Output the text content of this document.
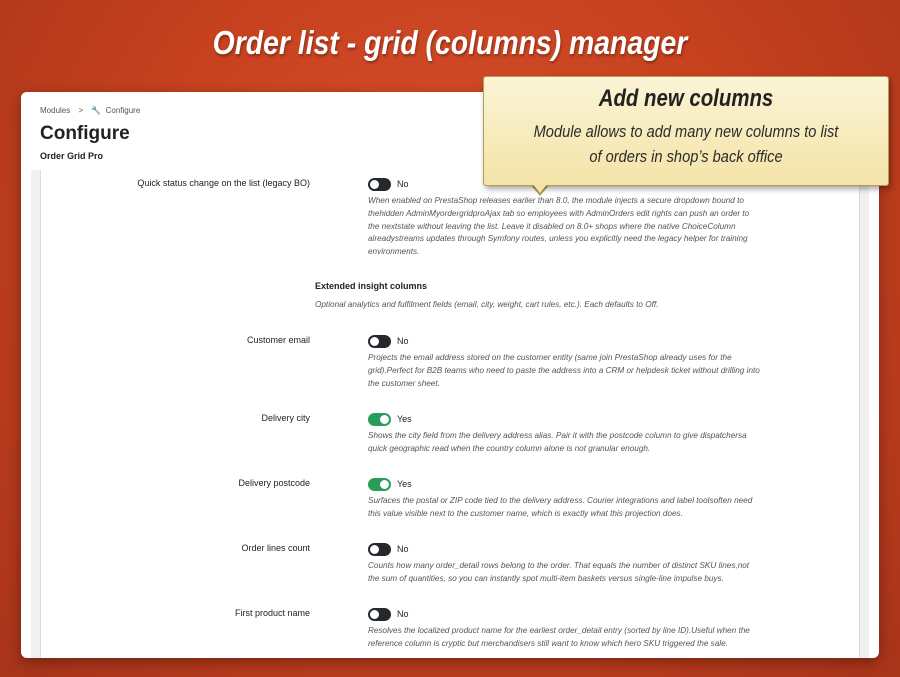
Order list - grid (columns) manager
Modules > 🔧 Configure
Configure
Order Grid Pro
Quick status change on the list (legacy BO)	No
When enabled on PrestaShop releases earlier than 8.0, the module injects a secure dropdown bound to
thehidden AdminMyordergridproAjax tab so employees with AdminOrders edit rights can push an order to
the nextstate without leaving the list. Leave it disabled on 8.0+ shops where the native ChoiceColumn
alreadystreams updates through Symfony routes, unless you explicitly need the legacy helper for training
environments.
Extended insight columns
Optional analytics and fulfilment fields (email, city, weight, cart rules, etc.). Each defaults to Off.
Customer email	No
Projects the email address stored on the customer entity (same join PrestaShop already uses for the
grid).Perfect for B2B teams who need to paste the address into a CRM or helpdesk ticket without drilling into
the customer sheet.
Delivery city	Yes
Shows the city field from the delivery address alias. Pair it with the postcode column to give dispatchersa
quick geographic read when the country column alone is not granular enough.
Delivery postcode	Yes
Surfaces the postal or ZIP code tied to the delivery address. Courier integrations and label toolsoften need
this value visible next to the customer name, which is exactly what this projection does.
Order lines count	No
Counts how many order_detail rows belong to the order. That equals the number of distinct SKU lines,not
the sum of quantities, so you can instantly spot multi-item baskets versus single-line impulse buys.
First product name	No
Resolves the localized product name for the earliest order_detail entry (sorted by line ID).Useful when the
reference column is cryptic but merchandisers still want to know which hero SKU triggered the sale.
Add new columns
Module allows to add many new columns to list
of orders in shop’s back office
